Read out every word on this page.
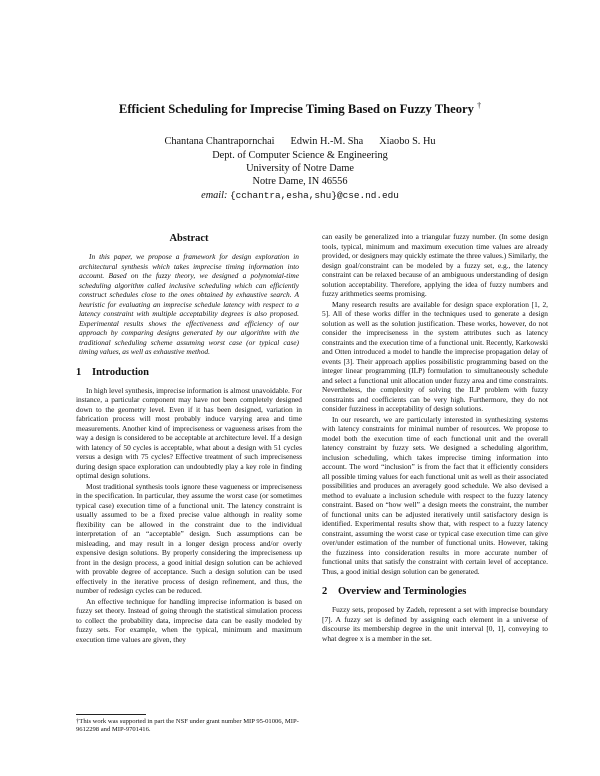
Efficient Scheduling for Imprecise Timing Based on Fuzzy Theory †
Chantana Chantrapornchai Edwin H.-M. Sha Xiaobo S. Hu
Dept. of Computer Science & Engineering
University of Notre Dame
Notre Dame, IN 46556
email: {cchantra,esha,shu}@cse.nd.edu
Abstract

In this paper, we propose a framework for design exploration in architectural synthesis which takes imprecise timing information into account. Based on the fuzzy theory, we designed a polynomial-time scheduling algorithm called inclusive scheduling which can efficiently construct schedules close to the ones obtained by exhaustive search. A heuristic for evaluating an imprecise schedule latency with respect to a latency constraint with multiple acceptability degrees is also proposed. Experimental results shows the effectiveness and efficiency of our approach by comparing designs generated by our algorithm with the traditional scheduling scheme assuming worst case (or typical case) timing values, as well as exhaustive method.

1 Introduction

In high level synthesis, imprecise information is almost unavoidable. For instance, a particular component may have not been completely designed down to the geometry level. Even if it has been designed, variation in fabrication process will most probably induce varying area and time measurements. Another kind of impreciseness or vagueness arises from the way a design is considered to be acceptable at architecture level. If a design with latency of 50 cycles is acceptable, what about a design with 51 cycles versus a design with 75 cycles? Effective treatment of such impreciseness during design space exploration can undoubtedly play a key role in finding optimal design solutions.

Most traditional synthesis tools ignore these vagueness or impreciseness in the specification. In particular, they assume the worst case (or sometimes typical case) execution time of a functional unit. The latency constraint is usually assumed to be a fixed precise value although in reality some flexibility can be allowed in the constraint due to the individual interpretation of an “acceptable” design. Such assumptions can be misleading, and may result in a longer design process and/or overly expensive design solutions. By properly considering the impreciseness up front in the design process, a good initial design solution can be achieved with provable degree of acceptance. Such a design solution can be used effectively in the iterative process of design refinement, and thus, the number of redesign cycles can be reduced.

An effective technique for handling imprecise information is based on fuzzy set theory. Instead of going through the statistical simulation process to collect the probability data, imprecise data can be easily modeled by fuzzy sets. For example, when the typical, minimum and maximum execution time values are given, they

can easily be generalized into a triangular fuzzy number. (In some design tools, typical, minimum and maximum execution time values are already provided, or designers may quickly estimate the three values.) Similarly, the design goal/constraint can be modeled by a fuzzy set, e.g., the latency constraint can be relaxed because of an ambiguous understanding of design solution acceptability. Therefore, applying the idea of fuzzy numbers and fuzzy arithmetics seems promising.

Many research results are available for design space exploration [1, 2, 5]. All of these works differ in the techniques used to generate a design solution as well as the solution justification. These works, however, do not consider the impreciseness in the system attributes such as latency constraints and the execution time of a functional unit. Recently, Karkowski and Otten introduced a model to handle the imprecise propagation delay of events [3]. Their approach applies possibilistic programming based on the integer linear programming (ILP) formulation to simultaneously schedule and select a functional unit allocation under fuzzy area and time constraints. Nevertheless, the complexity of solving the ILP problem with fuzzy constraints and coefficients can be very high. Furthermore, they do not consider fuzziness in acceptability of design solutions.

In our research, we are particularly interested in synthesizing systems with latency constraints for minimal number of resources. We propose to model both the execution time of each functional unit and the overall latency constraint by fuzzy sets. We designed a scheduling algorithm, inclusion scheduling, which takes imprecise timing information into account. The word “inclusion” is from the fact that it efficiently considers all possible timing values for each functional unit as well as their associated possibilities and produces an averagely good schedule. We also devised a method to evaluate a inclusion schedule with respect to the fuzzy latency constraint. Based on “how well” a design meets the constraint, the number of functional units can be adjusted iteratively until satisfactory design is identified. Experimental results show that, with respect to a fuzzy latency constraint, assuming the worst case or typical case execution time can give over/under estimation of the number of functional units. However, taking the fuzziness into consideration results in more accurate number of functional units that satisfy the constraint with certain level of acceptance. Thus, a good initial design solution can be generated.

2 Overview and Terminologies

Fuzzy sets, proposed by Zadeh, represent a set with imprecise boundary [7]. A fuzzy set is defined by assigning each element in a universe of discourse its membership degree in the unit interval [0, 1], conveying to what degree x is a member in the set.

†This work was supported in part the NSF under grant number MIP 95-01006, MIP-9612298 and MIP-9701416.
